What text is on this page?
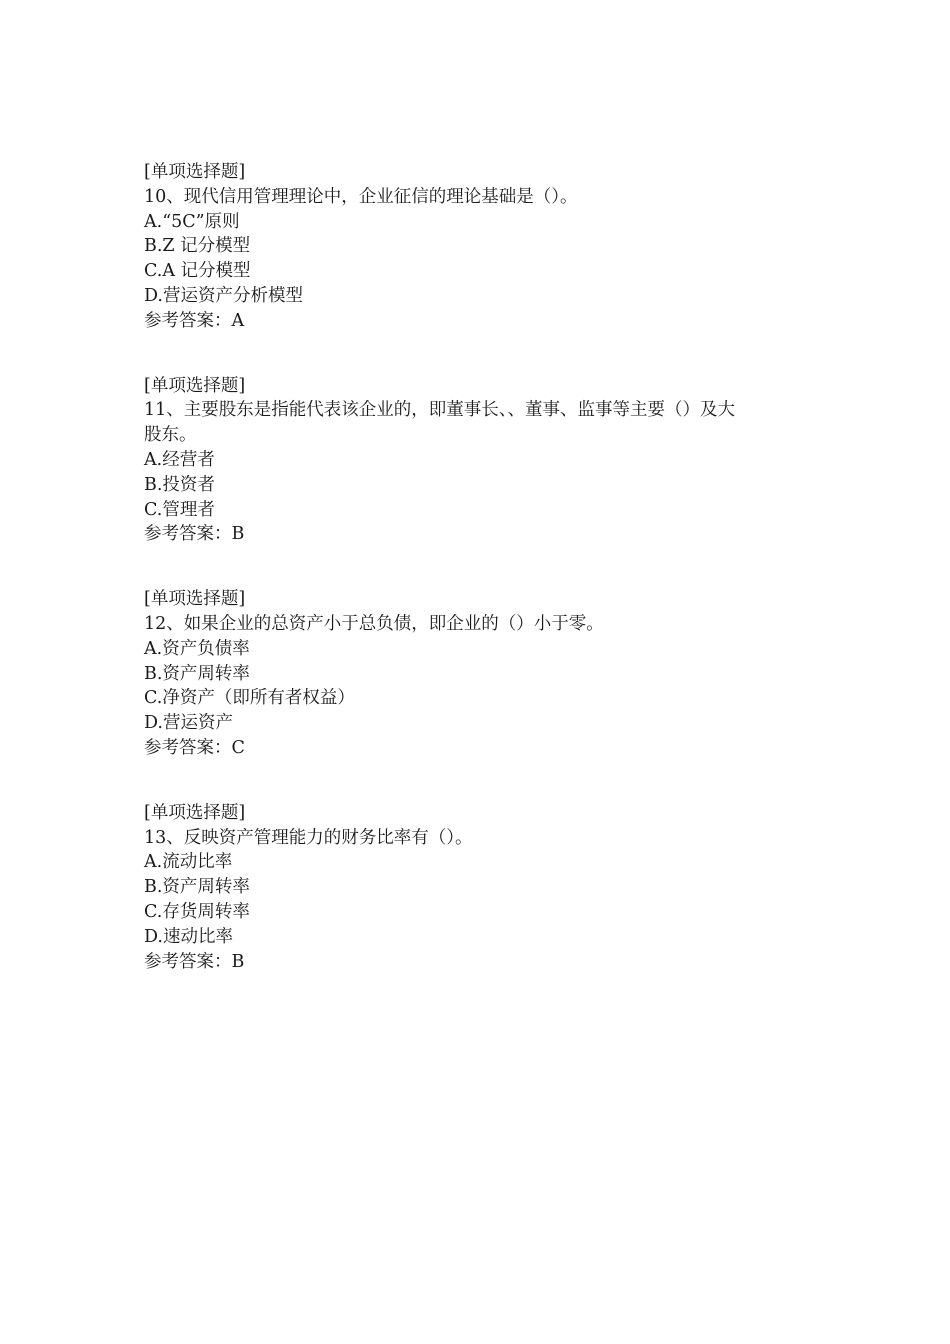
[单项选择题]
10、现代信用管理理论中，企业征信的理论基础是（）。
A.“5C”原则
B.Z 记分模型
C.A 记分模型
D.营运资产分析模型
参考答案：A
[单项选择题]
11、主要股东是指能代表该企业的，即董事长、、董事、监事等主要（）及大
股东。
A.经营者
B.投资者
C.管理者
参考答案：B
[单项选择题]
12、如果企业的总资产小于总负债，即企业的（）小于零。
A.资产负债率
B.资产周转率
C.净资产（即所有者权益）
D.营运资产
参考答案：C
[单项选择题]
13、反映资产管理能力的财务比率有（）。
A.流动比率
B.资产周转率
C.存货周转率
D.速动比率
参考答案：B
